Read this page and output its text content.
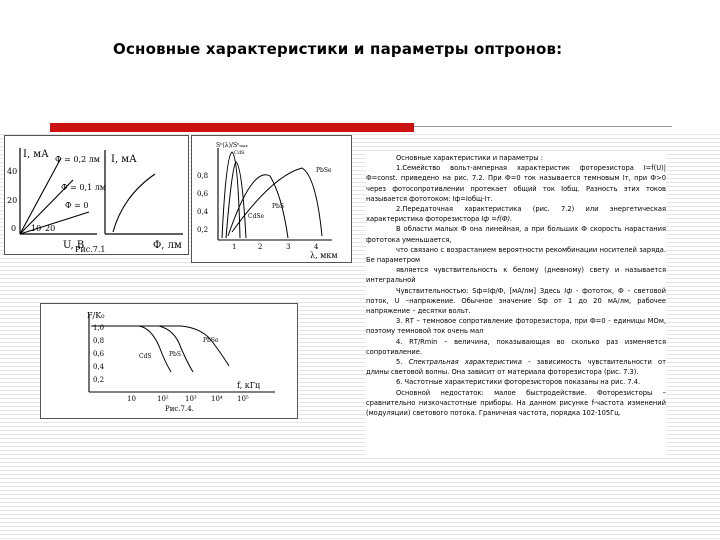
Основные характеристики и параметры оптронов:
I, мА
40
20
0 10 20
Ф = 0,2 лм
Ф = 0,1 лм
Ф = 0
U, В
I, мА
Ф, лм
Рис.7.1
Sᵉ(λ)/Sᵉₘₐₓ
0,8
0,6
0,4
0,2
1	2	3	4
λ, мкм
PbSe
PbS
CdSe
CdS
F/K₀
1,0
0,8
0,6
0,4
0,2
10	10² 10³ 10⁴ 10⁵
f, кГц
CdS	PbS
PbSe
Рис.7.4.

Основные характеристики и параметры :

1.Семейство вольт-амперная характеристик фоторезистора I=f(U)|Ф=const. приведено на рис. 7.2. При Ф=0 ток называется темновым Iт, при Ф>0 через фотосопротивлении протекает общий ток Iобщ. Разность этих токов называется фототоком: Iф=Iобщ-Iт.

2.Передаточная характеристика (рис. 7.2) или энергетическая характеристика фоторезистора Iф =f(Ф).

В области малых Ф она линейная, а при больших Ф скорость нарастания фототока уменьшается,

что связано с возрастанием вероятности рекомбинации носителей заряда. Бе параметром

является чувствительность к белому (дневному) свету и называется интегральной

Чувствительностью: Sф=Iф/Ф, [мА/лм] Здесь Iф - фототок, Ф - световой поток, U –напряжение. Обычное значение Sф от 1 до 20 мА/лм, рабочее напряжение – десятки вольт.

3. RТ – темновое сопротивление фоторезистора, при Ф=0 - единицы МОм, поэтому темновой ток очень мал

4. RТ/Rmin – величина, показывающая во сколько раз изменяется сопротивление.

5. Спектральная характеристика - зависимость чувствительности от длины световой волны. Она зависит от материала фоторезистора (рис. 7.3).

6. Частотные характеристики фоторезисторов показаны на рис. 7.4.

Основной недостаток: малое быстродействие. Фоторезисторы – сравнительно низкочастотные приборы. На данном рисунке f-частота изменений (модуляции) светового потока. Граничная частота, порядка 102-105Гц.
